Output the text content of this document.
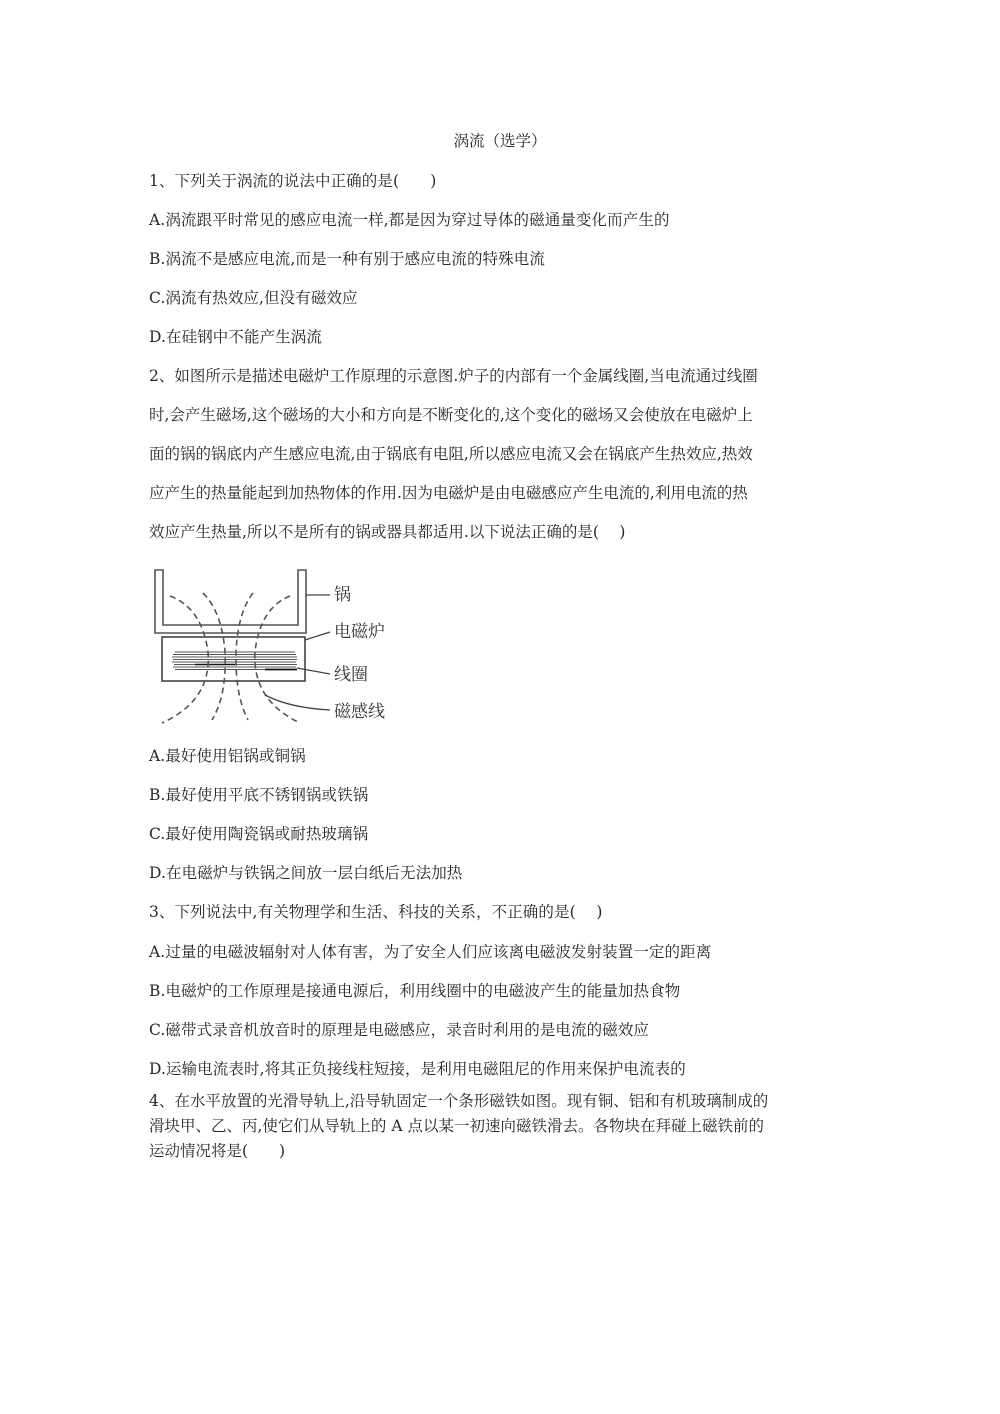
涡流（选学）
1、下列关于涡流的说法中正确的是(　　)
A.涡流跟平时常见的感应电流一样,都是因为穿过导体的磁通量变化而产生的
B.涡流不是感应电流,而是一种有别于感应电流的特殊电流
C.涡流有热效应,但没有磁效应
D.在硅钢中不能产生涡流
2、如图所示是描述电磁炉工作原理的示意图.炉子的内部有一个金属线圈,当电流通过线圈
时,会产生磁场,这个磁场的大小和方向是不断变化的,这个变化的磁场又会使放在电磁炉上
面的锅的锅底内产生感应电流,由于锅底有电阻,所以感应电流又会在锅底产生热效应,热效
应产生的热量能起到加热物体的作用.因为电磁炉是由电磁感应产生电流的,利用电流的热
效应产生热量,所以不是所有的锅或器具都适用.以下说法正确的是(　 )
锅
电磁炉
线圈
磁感线
A.最好使用铝锅或铜锅
B.最好使用平底不锈钢锅或铁锅
C.最好使用陶瓷锅或耐热玻璃锅
D.在电磁炉与铁锅之间放一层白纸后无法加热
3、下列说法中,有关物理学和生活、科技的关系，不正确的是(　 )
A.过量的电磁波辐射对人体有害，为了安全人们应该离电磁波发射装置一定的距离
B.电磁炉的工作原理是接通电源后，利用线圈中的电磁波产生的能量加热食物
C.磁带式录音机放音时的原理是电磁感应，录音时利用的是电流的磁效应
D.运输电流表时,将其正负接线柱短接，是利用电磁阻尼的作用来保护电流表的
4、在水平放置的光滑导轨上,沿导轨固定一个条形磁铁如图。现有铜、铝和有机玻璃制成的
滑块甲、乙、丙,使它们从导轨上的 A 点以某一初速向磁铁滑去。各物块在拜碰上磁铁前的
运动情况将是(　　)
